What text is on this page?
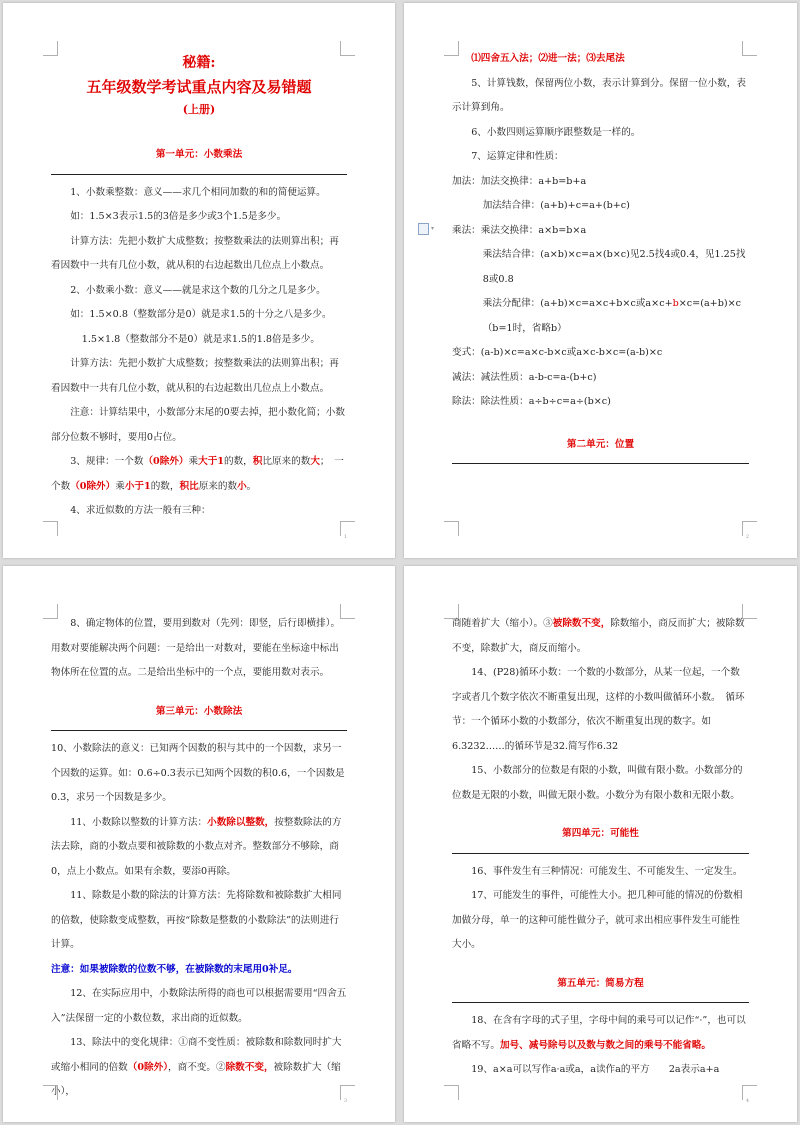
秘籍:
五年级数学考试重点内容及易错题
(上册)

第一单元：小数乘法

1、小数乘整数：意义——求几个相同加数的和的简便运算。

如：1.5×3表示1.5的3倍是多少或3个1.5是多少。

计算方法：先把小数扩大成整数；按整数乘法的法则算出积；再看因数中一共有几位小数，就从积的右边起数出几位点上小数点。

2、小数乘小数：意义——就是求这个数的几分之几是多少。

如：1.5×0.8（整数部分是0）就是求1.5的十分之八是多少。

1.5×1.8（整数部分不是0）就是求1.5的1.8倍是多少。

计算方法：先把小数扩大成整数；按整数乘法的法则算出积；再看因数中一共有几位小数，就从积的右边起数出几位点上小数点。

注意：计算结果中，小数部分末尾的0要去掉，把小数化简；小数部分位数不够时，要用0占位。

3、规律：一个数（0除外）乘大于1的数，积比原来的数大；　一个数（0除外）乘小于1的数，积比原来的数小。

4、求近似数的方法一般有三种：

1
▾

⑴四舍五入法；⑵进一法；⑶去尾法

5、计算钱数，保留两位小数，表示计算到分。保留一位小数，表示计算到角。

6、小数四则运算顺序跟整数是一样的。

7、运算定律和性质：

加法：加法交换律：a+b=b+a

加法结合律：(a+b)+c=a+(b+c)

乘法：乘法交换律：a×b=b×a

乘法结合律：(a×b)×c=a×(b×c)见2.5找4或0.4，见1.25找8或0.8

乘法分配律：(a+b)×c=a×c+b×c或a×c+b×c=(a+b)×c（b=1时，省略b）

变式：(a-b)×c=a×c-b×c或a×c-b×c=(a-b)×c

减法：减法性质：a-b-c=a-(b+c)

除法：除法性质：a÷b÷c=a÷(b×c)

第二单元：位置

2

8、确定物体的位置，要用到数对（先列：即竖，后行即横排）。用数对要能解决两个问题：一是给出一对数对，要能在坐标途中标出物体所在位置的点。二是给出坐标中的一个点，要能用数对表示。

第三单元：小数除法

10、小数除法的意义：已知两个因数的积与其中的一个因数，求另一个因数的运算。如：0.6÷0.3表示已知两个因数的积0.6，一个因数是0.3，求另一个因数是多少。

11、小数除以整数的计算方法：小数除以整数，按整数除法的方法去除，商的小数点要和被除数的小数点对齐。整数部分不够除，商0，点上小数点。如果有余数，要添0再除。

11、除数是小数的除法的计算方法：先将除数和被除数扩大相同的倍数，使除数变成整数，再按“除数是整数的小数除法”的法则进行计算。

注意：如果被除数的位数不够，在被除数的末尾用0补足。

12、在实际应用中，小数除法所得的商也可以根据需要用“四舍五入”法保留一定的小数位数，求出商的近似数。

13、除法中的变化规律：①商不变性质：被除数和除数同时扩大或缩小相同的倍数（0除外），商不变。②除数不变，被除数扩大（缩小），

3

商随着扩大（缩小）。③被除数不变，除数缩小，商反而扩大；被除数不变，除数扩大，商反而缩小。

14、(P28)循环小数：一个数的小数部分，从某一位起，一个数字或者几个数字依次不断重复出现，这样的小数叫做循环小数。　循环节：一个循环小数的小数部分，依次不断重复出现的数字。如6.3232……的循环节是32.简写作6.32

15、小数部分的位数是有限的小数，叫做有限小数。小数部分的位数是无限的小数，叫做无限小数。小数分为有限小数和无限小数。

第四单元：可能性

16、事件发生有三种情况：可能发生、不可能发生、一定发生。

17、可能发生的事件，可能性大小。把几种可能的情况的份数相加做分母，单一的这种可能性做分子，就可求出相应事件发生可能性大小。

第五单元：简易方程

18、在含有字母的式子里，字母中间的乘号可以记作“·”，也可以省略不写。加号、减号除号以及数与数之间的乘号不能省略。

19、a×a可以写作a·a或a，a读作a的平方　　2a表示a+a

4
